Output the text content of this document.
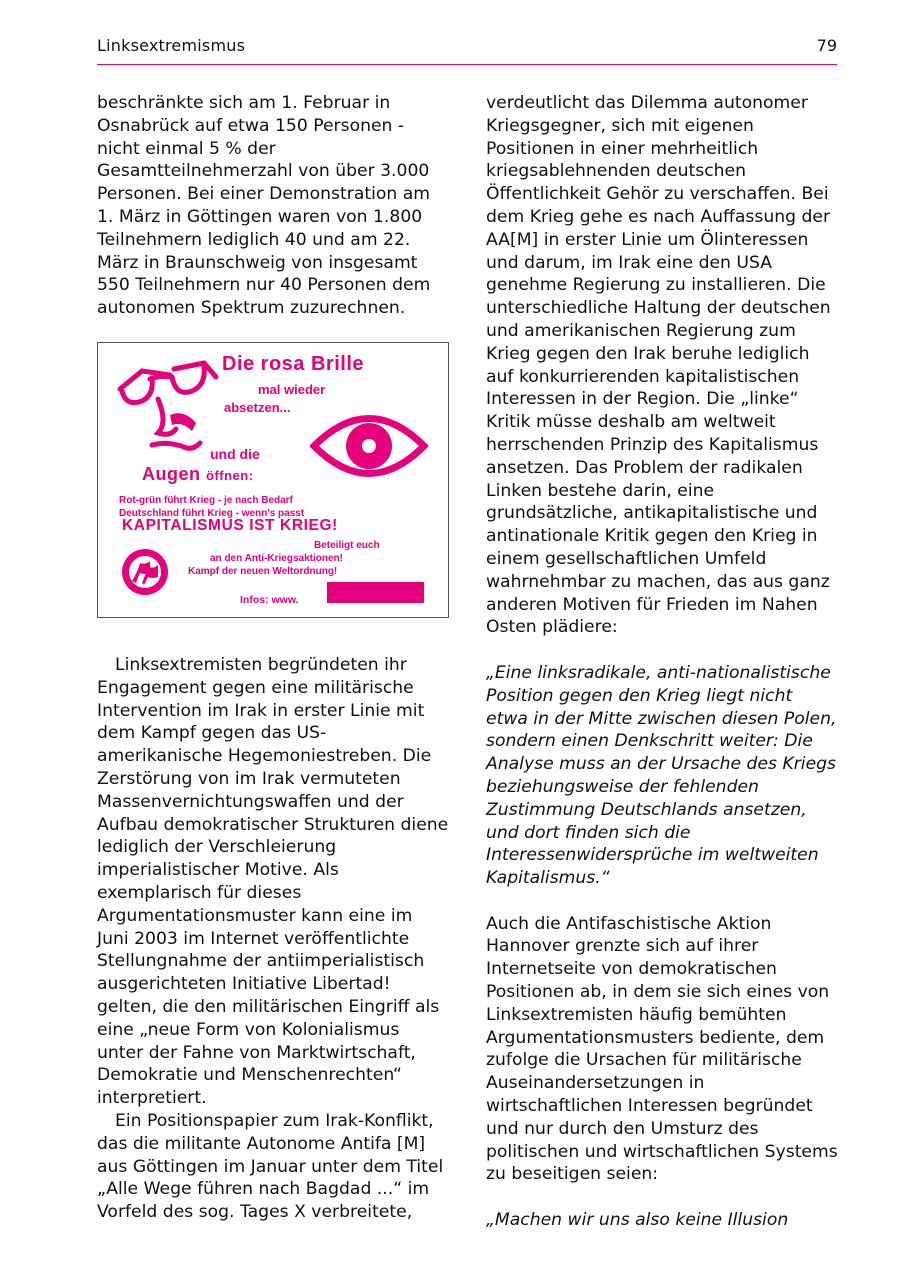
Linksextremismus	79

beschränkte sich am 1. Februar in Osnabrück auf etwa 150 Personen - nicht einmal 5 % der Gesamtteilnehmerzahl von über 3.000 Personen. Bei einer Demonstration am 1. März in Göttingen waren von 1.800 Teilnehmern lediglich 40 und am 22. März in Braunschweig von insgesamt 550 Teilnehmern nur 40 Personen dem autonomen Spektrum zuzurechnen.

Die rosa Brille
mal wieder
absetzen...
und die
Augen öffnen:
Rot-grün führt Krieg - je nach Bedarf
Deutschland führt Krieg - wenn's passt
KAPITALISMUS IST KRIEG!
Beteiligt euch
an den Anti-Kriegsaktionen!
Kampf der neuen Weltordnung!
Infos: www.

Linksextremisten begründeten ihr Engagement gegen eine militärische Intervention im Irak in erster Linie mit dem Kampf gegen das US-amerikanische Hegemoniestreben. Die Zerstörung von im Irak vermuteten Massenvernichtungswaffen und der Aufbau demokratischer Strukturen diene lediglich der Verschleierung imperialistischer Motive. Als exemplarisch für dieses Argumentationsmuster kann eine im Juni 2003 im Internet veröffentlichte Stellungnahme der antiimperialistisch ausgerichteten Initiative Libertad! gelten, die den militärischen Eingriff als eine „neue Form von Kolonialismus unter der Fahne von Marktwirtschaft, Demokratie und Menschenrechten“ interpretiert.

Ein Positionspapier zum Irak-Konflikt, das die militante Autonome Antifa [M] aus Göttingen im Januar unter dem Titel „Alle Wege führen nach Bagdad ...“ im Vorfeld des sog. Tages X verbreitete,

verdeutlicht das Dilemma autonomer Kriegsgegner, sich mit eigenen Positionen in einer mehrheitlich kriegsablehnenden deutschen Öffentlichkeit Gehör zu verschaffen. Bei dem Krieg gehe es nach Auffassung der AA[M] in erster Linie um Ölinteressen und darum, im Irak eine den USA genehme Regierung zu installieren. Die unterschiedliche Haltung der deutschen und amerikanischen Regierung zum Krieg gegen den Irak beruhe lediglich auf konkurrierenden kapitalistischen Interessen in der Region. Die „linke“ Kritik müsse deshalb am weltweit herrschenden Prinzip des Kapitalismus ansetzen. Das Problem der radikalen Linken bestehe darin, eine grundsätzliche, antikapitalistische und antinationale Kritik gegen den Krieg in einem gesellschaftlichen Umfeld wahrnehmbar zu machen, das aus ganz anderen Motiven für Frieden im Nahen Osten plädiere:

„Eine linksradikale, anti-nationalistische Position gegen den Krieg liegt nicht etwa in der Mitte zwischen diesen Polen, sondern einen Denkschritt weiter: Die Analyse muss an der Ursache des Kriegs beziehungsweise der fehlenden Zustimmung Deutschlands ansetzen, und dort finden sich die Interessenwidersprüche im weltweiten Kapitalismus.“

Auch die Antifaschistische Aktion Hannover grenzte sich auf ihrer Internetseite von demokratischen Positionen ab, in dem sie sich eines von Linksextremisten häufig bemühten Argumentationsmusters bediente, dem zufolge die Ursachen für militärische Auseinandersetzungen in wirtschaftlichen Interessen begründet und nur durch den Umsturz des politischen und wirtschaftlichen Systems zu beseitigen seien:

„Machen wir uns also keine Illusion
